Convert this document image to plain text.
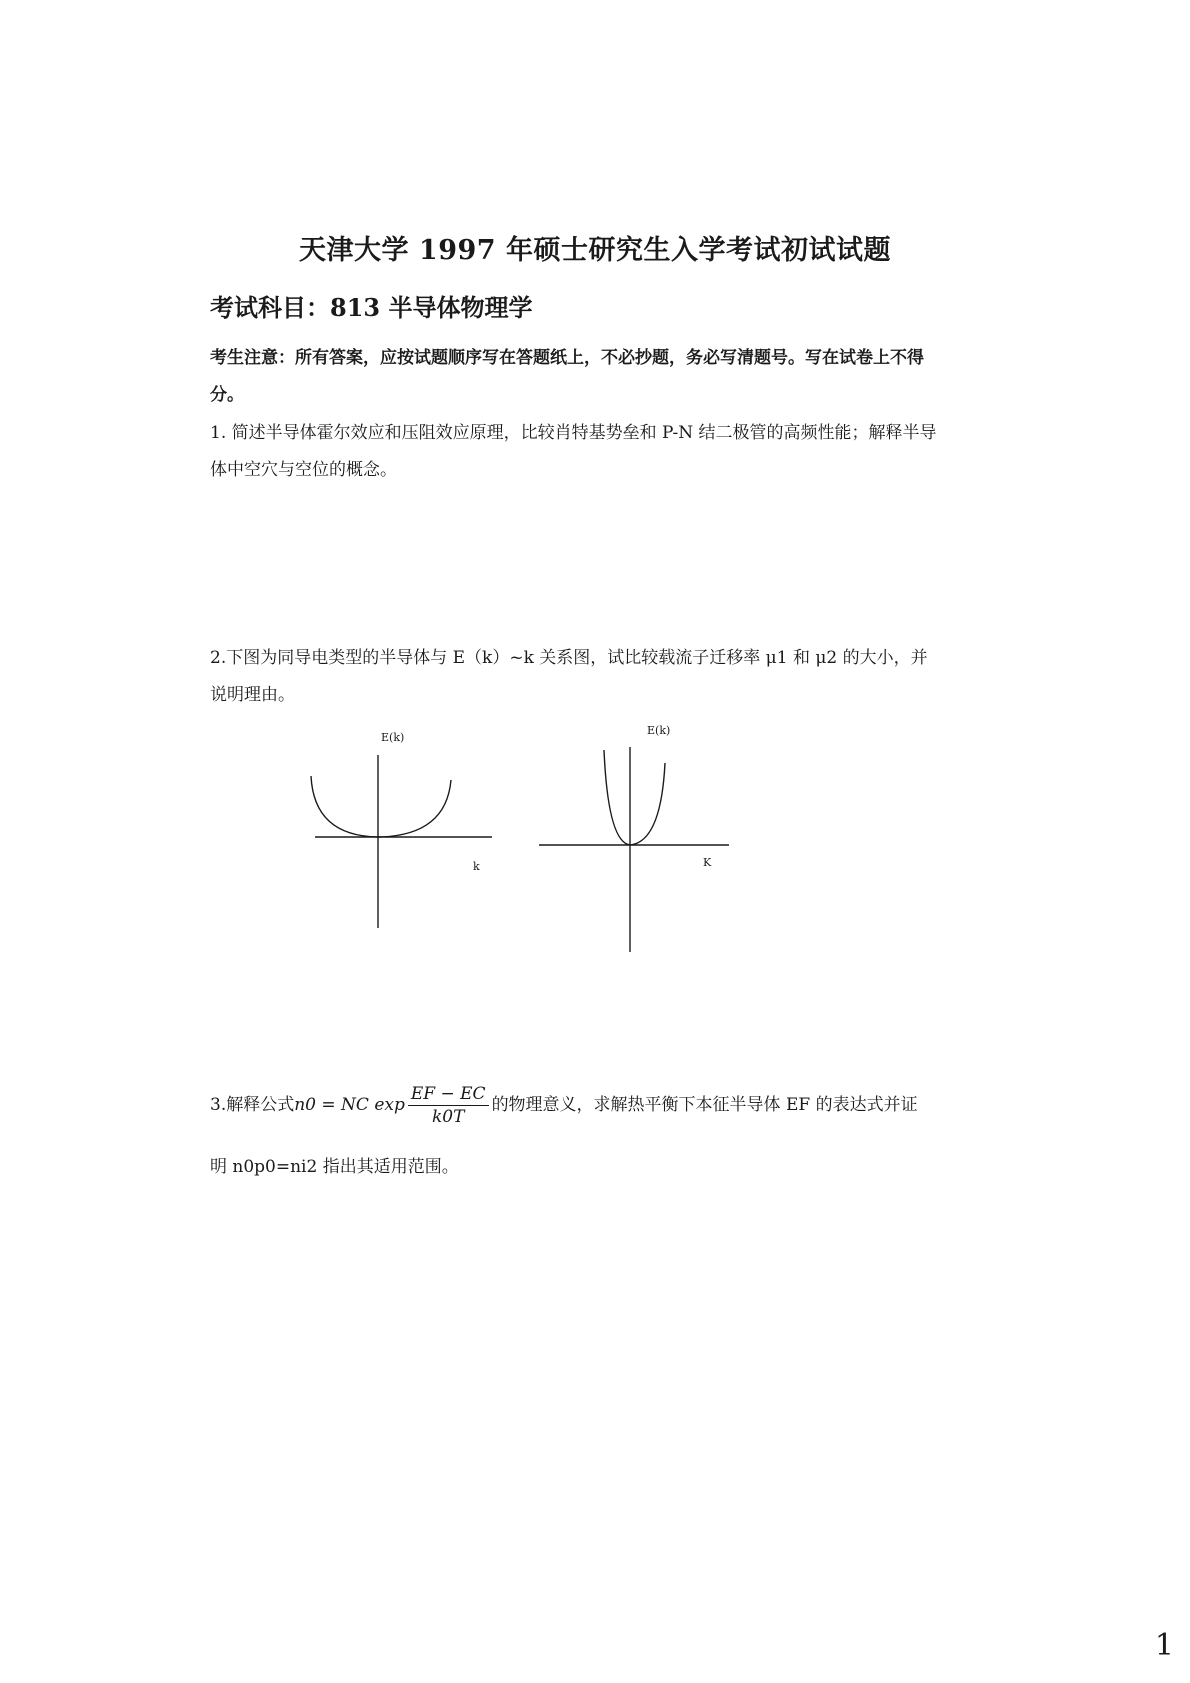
天津大学 1997 年硕士研究生入学考试初试试题
考试科目：813 半导体物理学
考生注意：所有答案，应按试题顺序写在答题纸上，不必抄题，务必写清题号。写在试卷上不得分。
1. 简述半导体霍尔效应和压阻效应原理，比较肖特基势垒和 P-N 结二极管的高频性能；解释半导体中空穴与空位的概念。
2.下图为同导电类型的半导体与 E（k）~k 关系图，试比较载流子迁移率 μ1 和 μ2 的大小，并说明理由。
E(k)
k
E(k)
K
3.解释公式n0 = NC $\exp \frac{EF - EC}{k0T}$ 的物理意义，求解热平衡下本征半导体 EF 的表达式并证
明 n0p0=ni2 指出其适用范围。
1
